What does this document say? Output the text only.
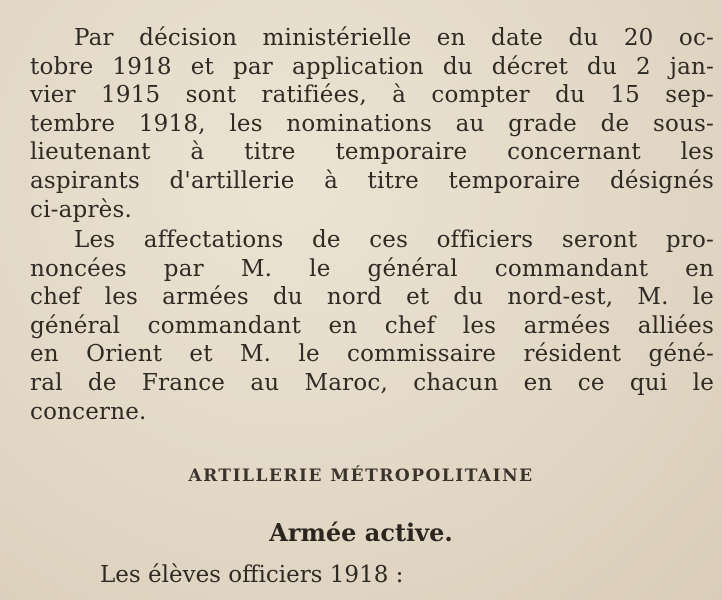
Par décision ministérielle en date du 20 oc-
tobre 1918 et par application du décret du 2 jan-
vier 1915 sont ratifiées, à compter du 15 sep-
tembre 1918, les nominations au grade de sous-
lieutenant à titre temporaire concernant les
aspirants d'artillerie à titre temporaire désignés
ci-après.
Les affectations de ces officiers seront pro-
noncées par M. le général commandant en
chef les armées du nord et du nord-est, M. le
général commandant en chef les armées alliées
en Orient et M. le commissaire résident géné-
ral de France au Maroc, chacun en ce qui le
concerne.
ARTILLERIE MÉTROPOLITAINE
Armée active.
Les élèves officiers 1918 :
